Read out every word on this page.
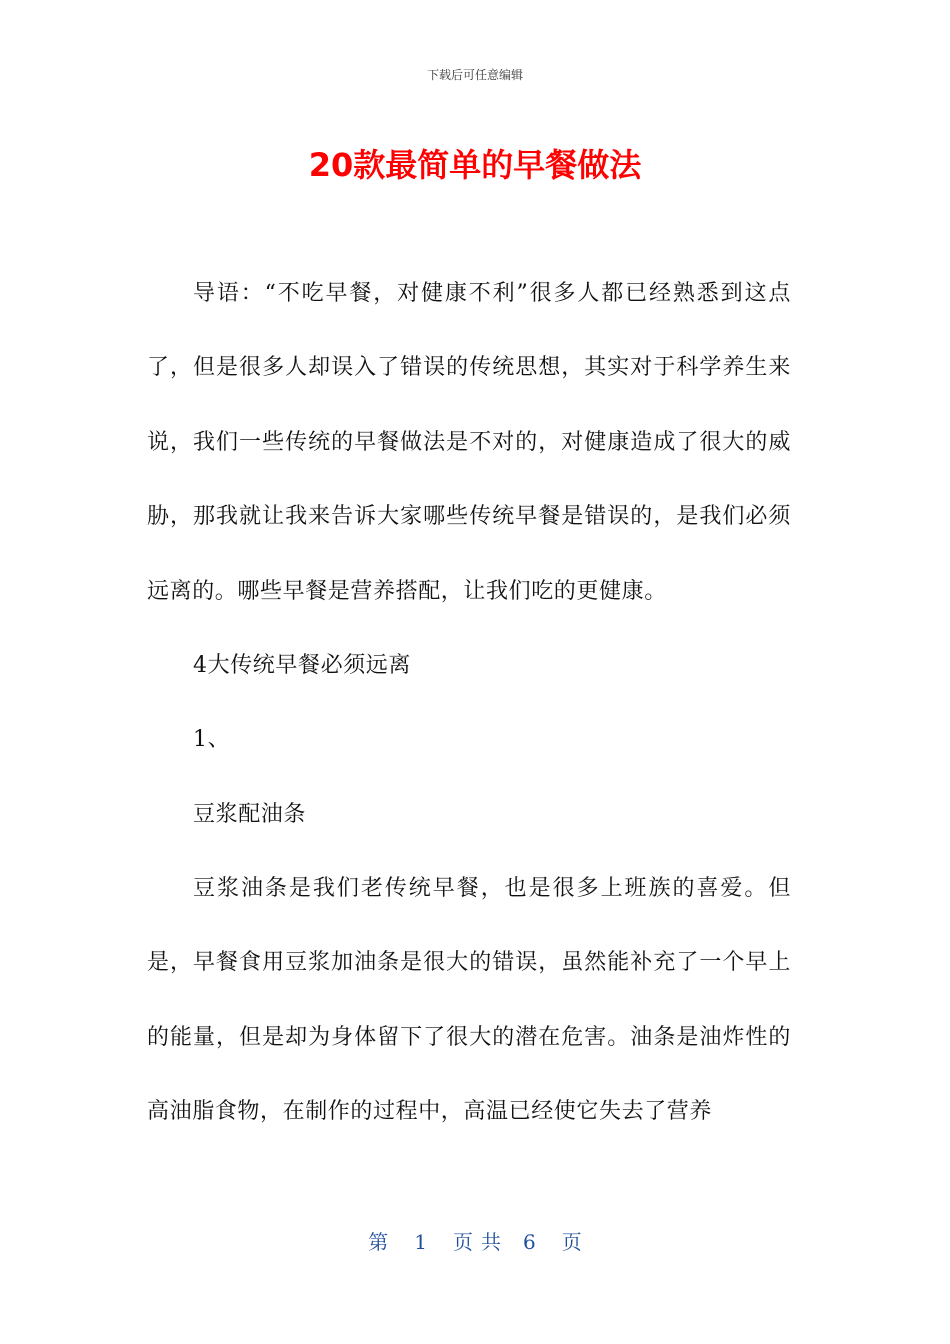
下载后可任意编辑
20款最简单的早餐做法

导语：“不吃早餐，对健康不利”很多人都已经熟悉到这点了，但是很多人却误入了错误的传统思想，其实对于科学养生来说，我们一些传统的早餐做法是不对的，对健康造成了很大的威胁，那我就让我来告诉大家哪些传统早餐是错误的，是我们必须远离的。哪些早餐是营养搭配，让我们吃的更健康。

4大传统早餐必须远离

1、

豆浆配油条

豆浆油条是我们老传统早餐，也是很多上班族的喜爱。但是，早餐食用豆浆加油条是很大的错误，虽然能补充了一个早上的能量，但是却为身体留下了很大的潜在危害。油条是油炸性的高油脂食物，在制作的过程中，高温已经使它失去了营养

第 1 页共 6 页
